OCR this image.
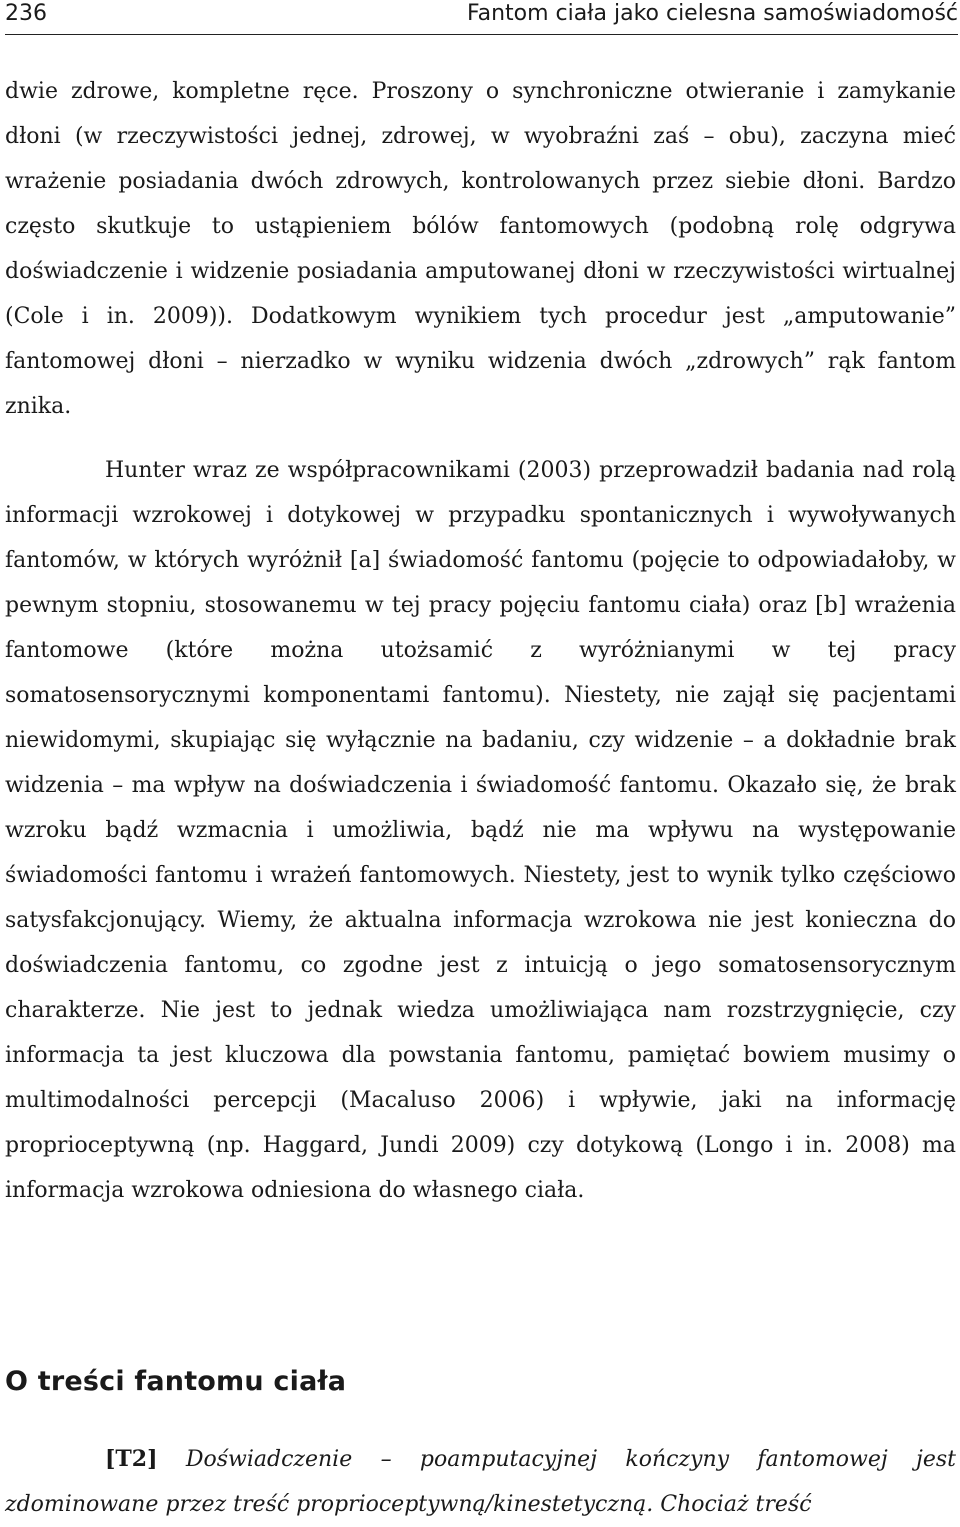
236	Fantom ciała jako cielesna samoświadomość

dwie zdrowe, kompletne ręce. Proszony o synchroniczne otwieranie i zamykanie dłoni (w rzeczywistości jednej, zdrowej, w wyobraźni zaś – obu), zaczyna mieć wrażenie posiadania dwóch zdrowych, kontrolowanych przez siebie dłoni. Bardzo często skutkuje to ustąpieniem bólów fantomowych (podobną rolę odgrywa doświadczenie i widzenie posiadania amputowanej dłoni w rzeczywistości wirtualnej (Cole i in. 2009)). Dodatkowym wynikiem tych procedur jest „amputowanie” fantomowej dłoni – nierzadko w wyniku widzenia dwóch „zdrowych” rąk fantom znika.

Hunter wraz ze współpracownikami (2003) przeprowadził badania nad rolą informacji wzrokowej i dotykowej w przypadku spontanicznych i wywoływanych fantomów, w których wyróżnił [a] świadomość fantomu (pojęcie to odpowiadałoby, w pewnym stopniu, stosowanemu w tej pracy pojęciu fantomu ciała) oraz [b] wrażenia fantomowe (które można utożsamić z wyróżnianymi w tej pracy somatosensorycznymi komponentami fantomu). Niestety, nie zajął się pacjentami niewidomymi, skupiając się wyłącznie na badaniu, czy widzenie – a dokładnie brak widzenia – ma wpływ na doświadczenia i świadomość fantomu. Okazało się, że brak wzroku bądź wzmacnia i umożliwia, bądź nie ma wpływu na występowanie świadomości fantomu i wrażeń fantomowych. Niestety, jest to wynik tylko częściowo satysfakcjonujący. Wiemy, że aktualna informacja wzrokowa nie jest konieczna do doświadczenia fantomu, co zgodne jest z intuicją o jego somatosensorycznym charakterze. Nie jest to jednak wiedza umożliwiająca nam rozstrzygnięcie, czy informacja ta jest kluczowa dla powstania fantomu, pamiętać bowiem musimy o multimodalności percepcji (Macaluso 2006) i wpływie, jaki na informację proprioceptywną (np. Haggard, Jundi 2009) czy dotykową (Longo i in. 2008) ma informacja wzrokowa odniesiona do własnego ciała.

O treści fantomu ciała

[T2] Doświadczenie – poamputacyjnej kończyny fantomowej jest zdominowane przez treść proprioceptywną/kinestetyczną. Chociaż treść
